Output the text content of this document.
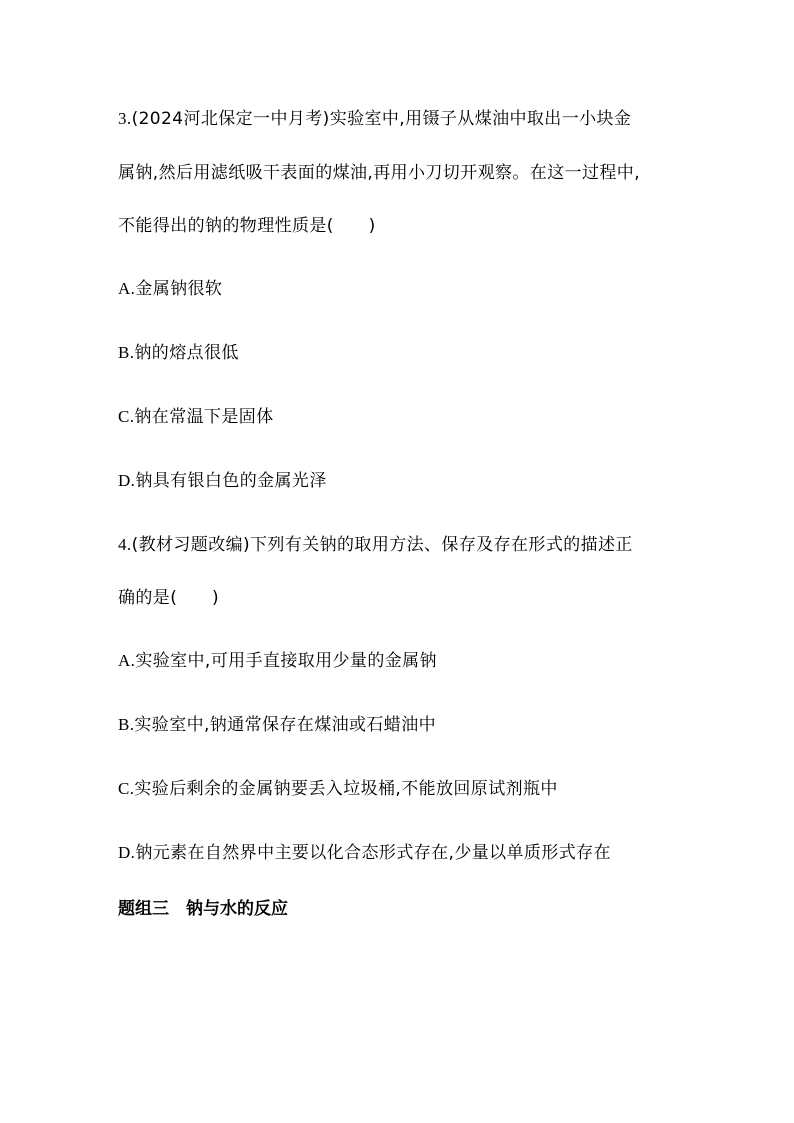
3.(2024河北保定一中月考)实验室中,用镊子从煤油中取出一小块金
属钠,然后用滤纸吸干表面的煤油,再用小刀切开观察。在这一过程中,
不能得出的钠的物理性质是(　　)
A.金属钠很软
B.钠的熔点很低
C.钠在常温下是固体
D.钠具有银白色的金属光泽
4.(教材习题改编)下列有关钠的取用方法、保存及存在形式的描述正
确的是(　　)
A.实验室中,可用手直接取用少量的金属钠
B.实验室中,钠通常保存在煤油或石蜡油中
C.实验后剩余的金属钠要丢入垃圾桶,不能放回原试剂瓶中
D.钠元素在自然界中主要以化合态形式存在,少量以单质形式存在
题组三　钠与水的反应
